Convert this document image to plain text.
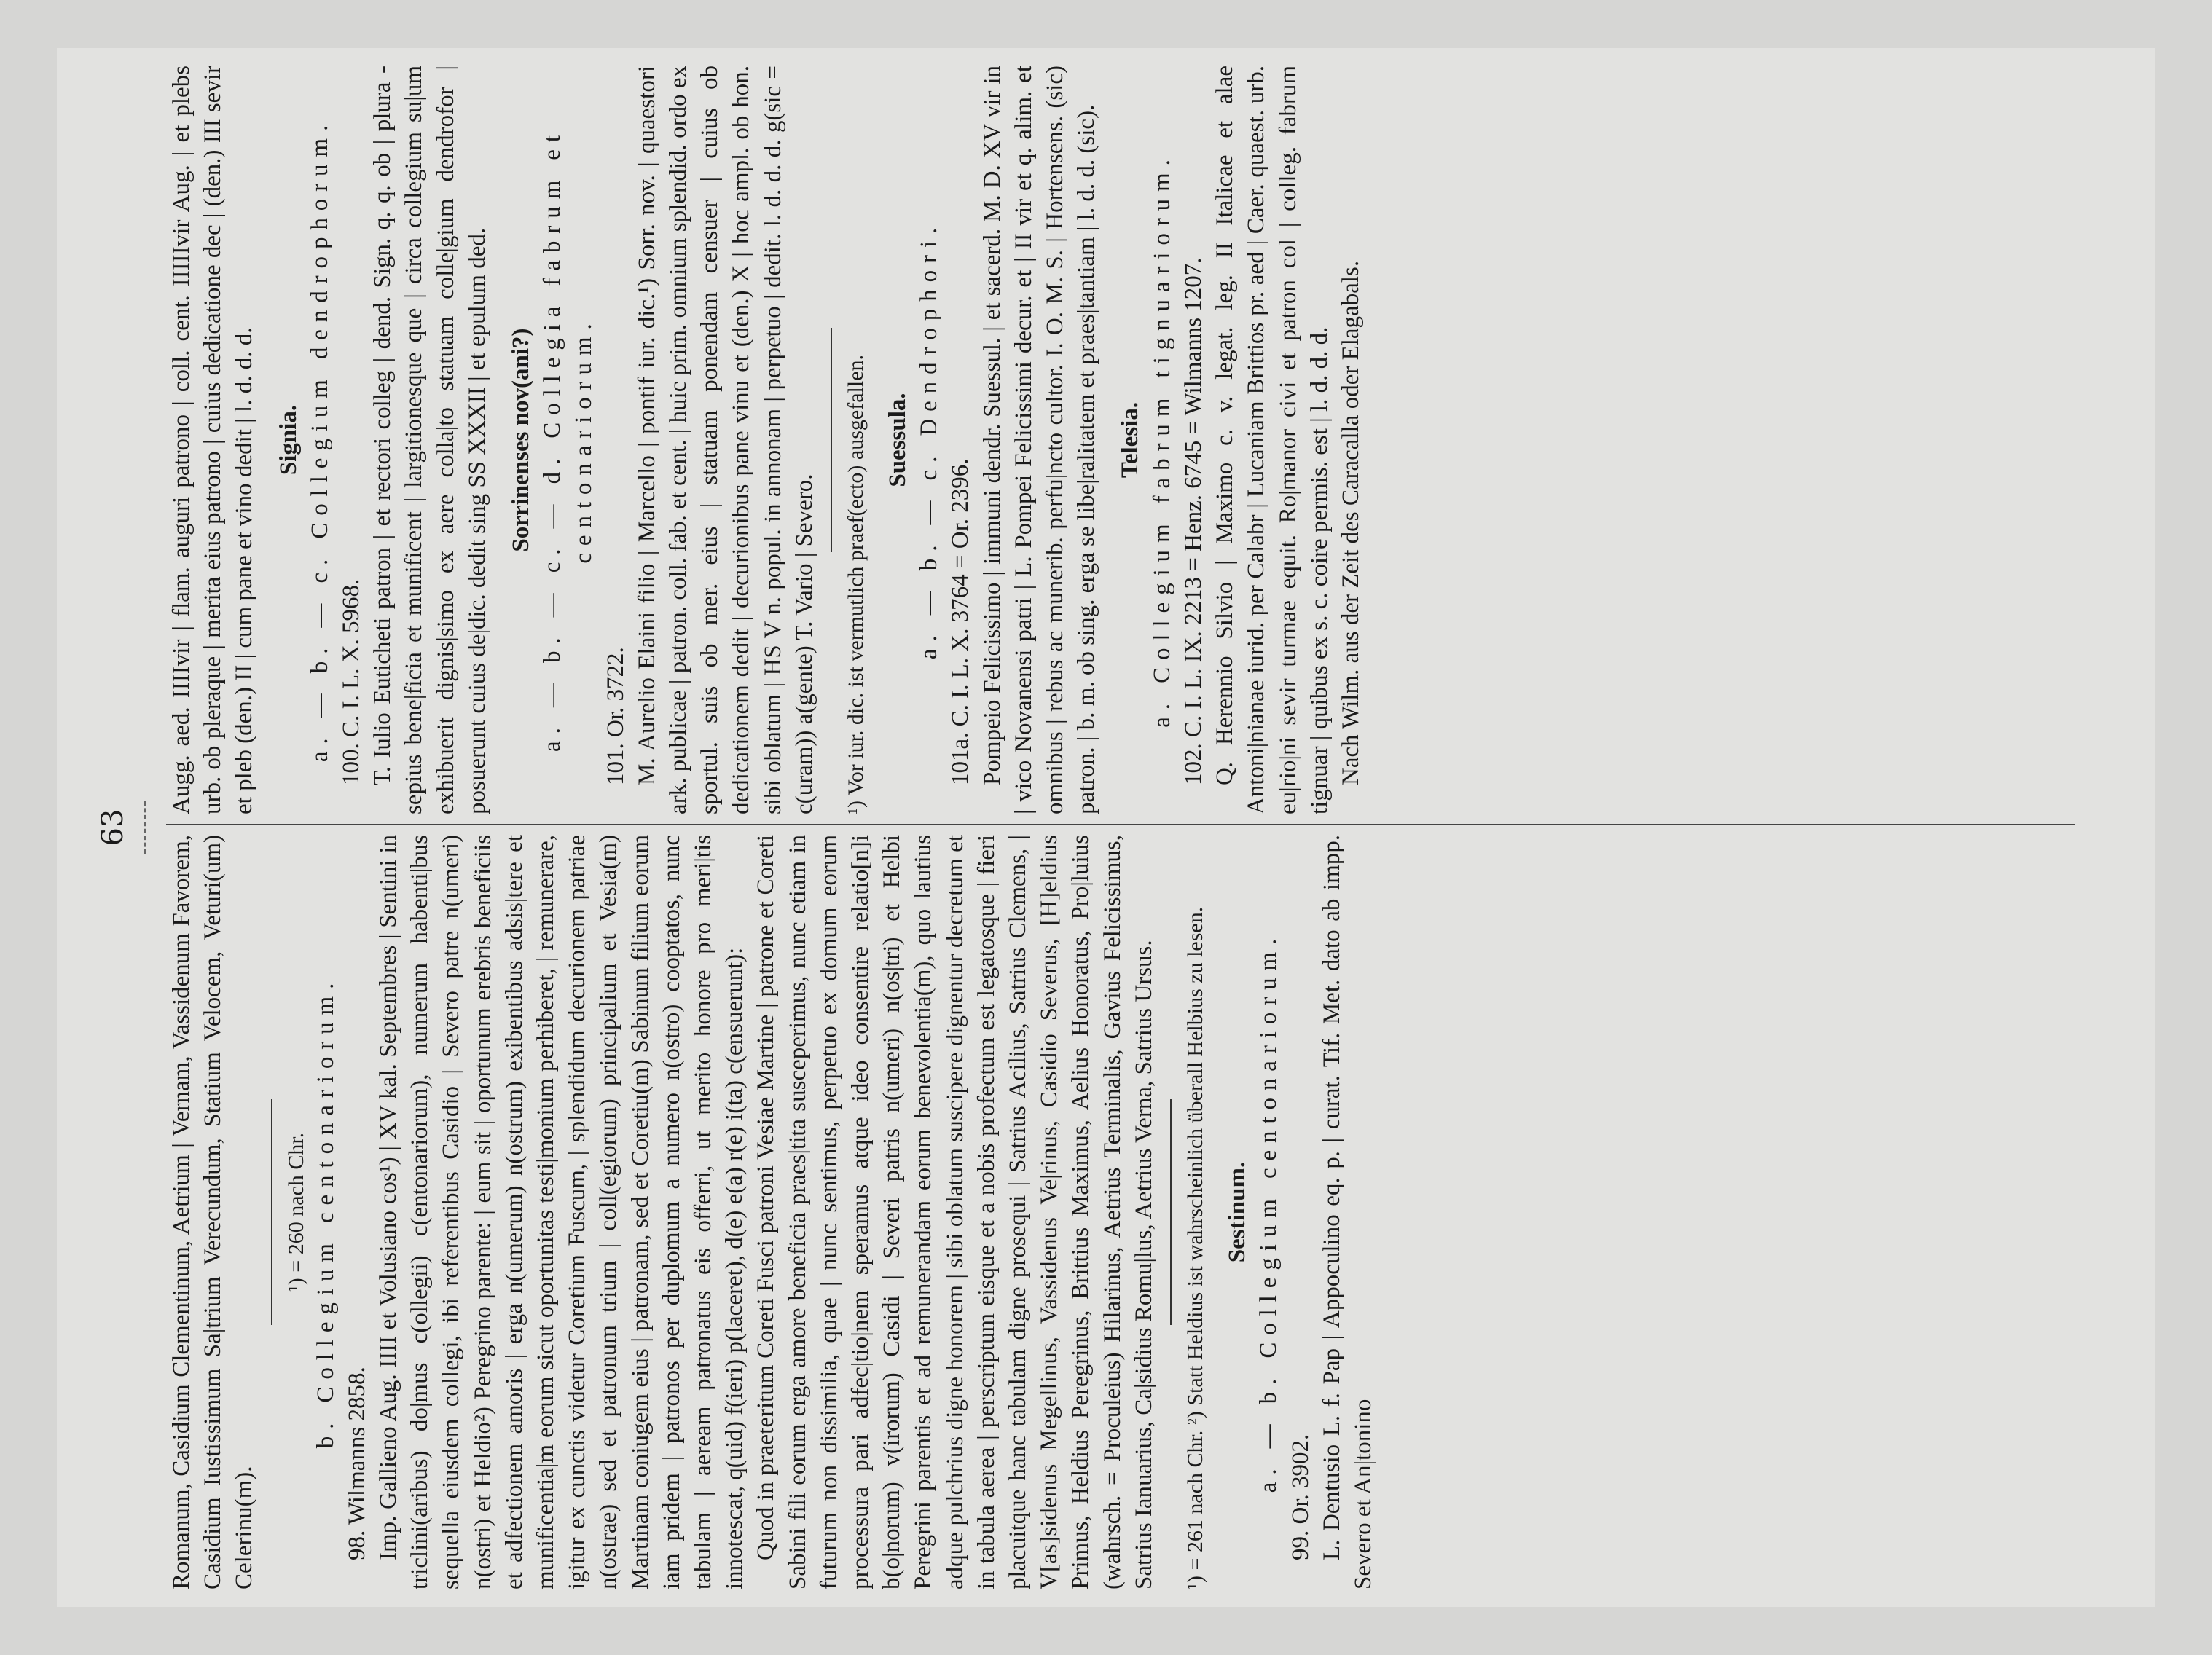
63

Romanum, Casidium Clementinum, Aetrium | Vernam, Vassidenum Favorem, Casidium Iustissimum Sa|trium Verecundum, Statium Velocem, Veturi(um) Celerinu(m).

¹) = 260 nach Chr. b. Collegium centonariorum.

98. Wilmanns 2858. Imp. Gallieno Aug. IIII et Volusiano cos¹) | XV kal. Septembres | Sentini in triclini(aribus) do|mus c(ollegii) c(entonariorum), numerum habenti|bus sequella eiusdem collegi, ibi referentibus Casidio | Severo patre n(umeri) n(ostri) et Heldio²) Peregrino parente: | eum sit | oportunum erebris beneficiis et adfectionem amoris | erga n(umerum) n(ostrum) exibentibus adsis|tere et munificentia|m eorum sicut oportunitas testi|monium perhiberet, | remunerare, igitur ex cunctis videtur Coretium Fuscum, | splendidum decurionem patriae n(ostrae) sed et patronum trium | coll(egiorum) principalium et Vesia(m) Martinam coniugem eius | patronam, sed et Coretiu(m) Sabinum filium eorum iam pridem | patronos per duplomum a numero n(ostro) cooptatos, nunc tabulam | aeream patronatus eis offerri, ut merito honore pro meri|tis innotescat, q(uid) f(ieri) p(laceret), d(e) e(a) r(e) i(ta) c(ensuerunt): Quod in praeteritum Coreti Fusci patroni Vesiae Martine | patrone et Coreti Sabini fili eorum erga amore beneficia praes|tita susceperimus, nunc etiam in futurum non dissimilia, quae | nunc sentimus, perpetuo ex domum eorum processura pari adfec|tio|nem speramus atque ideo consentire relatio[n]i b(o|norum) v(irorum) Casidi | Severi patris n(umeri) n(os|tri) et Helbi Peregrini parentis et ad remunerandam eorum benevolentia(m), quo lautius adque pulchrius digne honorem | sibi oblatum suscipere dignentur decretum et in tabula aerea | perscriptum eisque et a nobis profectum est legatosque | fieri placuitque hanc tabulam digne prosequi | Satrius Acilius, Satrius Clemens, | V[as]sidenus Megellinus, Vassidenus Ve|rinus, Casidio Severus, [H]eldius Primus, Heldius Peregrinus, Brittius Maximus, Aelius Honoratus, Pro|luius (wahrsch. = Proculeius) Hilarinus, Aetrius Terminalis, Gavius Felicissimus, Satrius Ianuarius, Ca|sidius Romu|lus, Aetrius Verna, Satrius Ursus. ¹) = 261 nach Chr. ²) Statt Heldius ist wahrscheinlich überall Helbius zu lesen. Sestinum. a. — b. Collegium centonariorum.

99. Or. 3902. L. Dentusio L. f. Pap | Appoculino eq. p. | curat. Tif. Met. dato ab impp. Severo et An|tonino

Augg. aed. IIIIvir | flam. auguri patrono | coll. cent. IIIIIvir Aug. | et plebs urb. ob pleraque | merita eius patrono | cuius dedicatione dec | (den.) III sevir et pleb (den.) II | cum pane et vino dedit | l. d. d. d. Signia. a. — b. — c. Collegium dendrophorum. 100. C. I. L. X. 5968. T. Iulio Euticheti patron | et rectori colleg | dend. Sign. q. q. ob | plura - sepius bene|ficia et munificent | largitionesque que | circa collegium su|um exhibuerit dignis|simo ex aere colla|to statuam colle|gium dendrofor | posuerunt cuius de|dic. dedit sing SS XXXII | et epulum ded. Sorrinenses nov(ani?) a. — b. — c. — d. Collegia fabrum et centonariorum.

101. Or. 3722. M. Aurelio Elaini filio | Marcello | pontif iur. dic.¹) Sorr. nov. | quaestori ark. publicae | patron. coll. fab. et cent. | huic prim. omnium splendid. ordo ex sportul. suis ob mer. eius | statuam ponendam censuer | cuius ob dedicationem dedit | decurionibus pane vinu et (den.) X | hoc ampl. ob hon. sibi oblatum | HS V n. popul. in annonam | perpetuo | dedit. l. d. d. d. g(sic = c(uram)) a(gente) T. Vario | Severo. ¹) Vor iur. dic. ist vermutlich praef(ecto) ausgefallen. Suessula. a. — b. — c. Dendrophori. 101a. C. I. L. X. 3764 = Or. 2396. Pompeio Felicissimo | immuni dendr. Suessul. | et sacerd. M. D. XV vir in | vico Novanensi patri | L. Pompei Felicissimi decur. et | II vir et q. alim. et omnibus | rebus ac munerib. perfu|ncto cultor. I. O. M. S. | Hortensens. (sic) patron. | b. m. ob sing. erga se libe|ralitatem et praes|tantiam | l. d. d. (sic). Telesia. a. Collegium fabrum tignuariorum. 102. C. I. L. IX. 2213 = Henz. 6745 = Wilmanns 1207. Q. Herennio Silvio | Maximo c. v. legat. leg. II Italicae et alae Antoni|nianae iurid. per Calabr | Lucaniam Brittios pr. aed | Caer. quaest. urb. eu|rio|ni sevir turmae equit. Ro|manor civi et patron col | colleg. fabrum tignuar | quibus ex s. c. coire permis. est | l. d. d. d. Nach Wilm. aus der Zeit des Caracalla oder Elagabals.
